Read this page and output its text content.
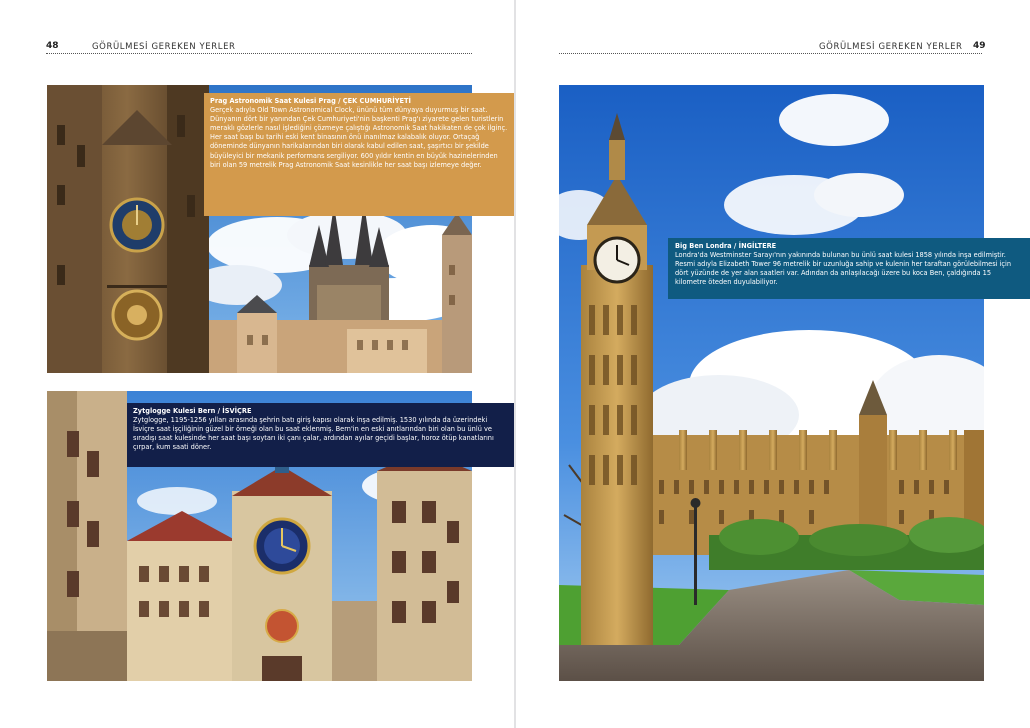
48	GÖRÜLMESİ GEREKEN YERLER
Prag Astronomik Saat Kulesi Prag / ÇEK CUMHURİYETİ
Gerçek adıyla Old Town Astronomical Clock, ününü tüm dünyaya duyurmuş bir saat. Dünyanın dört bir yanından Çek Cumhuriyeti'nin başkenti Prag'ı ziyarete gelen turistlerin meraklı gözlerle nasıl işlediğini çözmeye çalıştığı Astronomik Saat hakikaten de çok ilginç. Her saat başı bu tarihi eski kent binasının önü inanılmaz kalabalık oluyor. Ortaçağ döneminde dünyanın harikalarından biri olarak kabul edilen saat, şaşırtıcı bir şekilde büyüleyici bir mekanik performans sergiliyor. 600 yıldır kentin en büyük hazinelerinden biri olan 59 metrelik Prag Astronomik Saat kesinlikle her saat başı izlemeye değer.
Zytglogge Kulesi Bern / İSVİÇRE
Zytglogge, 1195-1256 yılları arasında şehrin batı giriş kapısı olarak inşa edilmiş. 1530 yılında da üzerindeki İsviçre saat işçiliğinin güzel bir örneği olan bu saat eklenmiş. Bern'in en eski anıtlarından biri olan bu ünlü ve sıradışı saat kulesinde her saat başı soytarı iki çanı çalar, ardından ayılar geçidi başlar, horoz ötüp kanatlarını çırpar, kum saati döner.
GÖRÜLMESİ GEREKEN YERLER 49
Big Ben Londra / İNGİLTERE
Londra'da Westminster Sarayı'nın yakınında bulunan bu ünlü saat kulesi 1858 yılında inşa edilmiştir. Resmi adıyla Elizabeth Tower 96 metrelik bir uzunluğa sahip ve kulenin her taraftan görülebilmesi için dört yüzünde de yer alan saatleri var. Adından da anlaşılacağı üzere bu koca Ben, çaldığında 15 kilometre öteden duyulabiliyor.
